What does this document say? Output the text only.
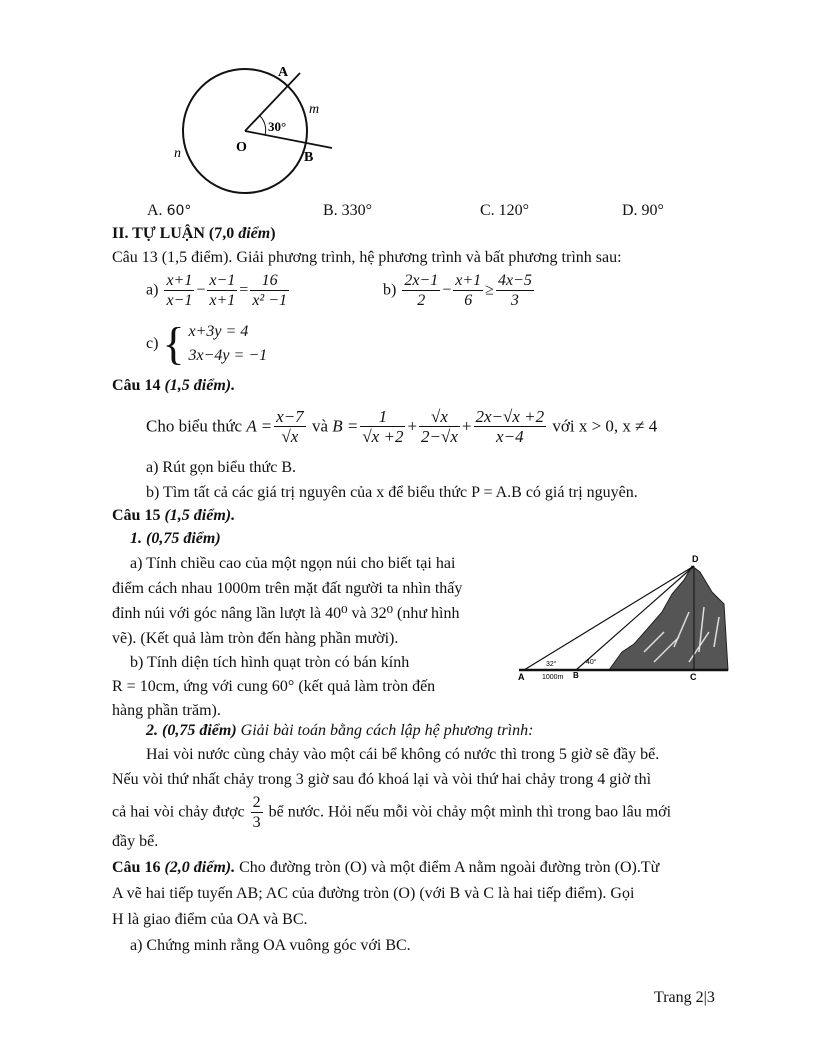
A
m
30°
O
B
n
A. 60°	B. 330°	C. 120°	D. 90°
II. TỰ LUẬN (7,0 điểm)
Câu 13 (1,5 điểm). Giải phương trình, hệ phương trình và bất phương trình sau:
$a) \frac{x+1}{x-1} - \frac{x-1}{x+1} = \frac{16}{\text{x² −1}}$	$b) \frac{2x-1}{2} - \frac{x+1}{6} \ge \frac{4x-5}{3}$
c) { x+3y = 4
3x−4y = −1
Câu 14 (1,5 điểm).
Cho biểu thức $A = \frac{x-7}{√x}$ và $B = \frac{1}{√x +2} + \frac{√x}{2-√x} + \frac{2x-√x +2}{x-4}$ với x > 0, x ≠ 4
a) Rút gọn biểu thức B.
b) Tìm tất cả các giá trị nguyên của x để biểu thức P = A.B có giá trị nguyên.
Câu 15 (1,5 điểm).
1. (0,75 điểm)
a) Tính chiều cao của một ngọn núi cho biết tại hai
điểm cách nhau 1000m trên mặt đất người ta nhìn thấy
đỉnh núi với góc nâng lần lượt là 40⁰ và 32⁰ (như hình
vẽ). (Kết quả làm tròn đến hàng phần mười).
b) Tính diện tích hình quạt tròn có bán kính
R = 10cm, ứng với cung 60° (kết quả làm tròn đến
hàng phần trăm).
D
A	B	C
32°	40°
1000m
2. (0,75 điểm) Giải bài toán bằng cách lập hệ phương trình:
Hai vòi nước cùng chảy vào một cái bể không có nước thì trong 5 giờ sẽ đầy bể.
Nếu vòi thứ nhất chảy trong 3 giờ sau đó khoá lại và vòi thứ hai chảy trong 4 giờ thì
cả hai vòi chảy được $\frac{2}{3}$ bể nước. Hỏi nếu mỗi vòi chảy một mình thì trong bao lâu mới
đầy bể.
Câu 16 (2,0 điểm). Cho đường tròn (O) và một điểm A nằm ngoài đường tròn (O).Từ
A vẽ hai tiếp tuyến AB; AC của đường tròn (O) (với B và C là hai tiếp điểm). Gọi
H là giao điểm của OA và BC.
a) Chứng minh rằng OA vuông góc với BC.
Trang 2|3
